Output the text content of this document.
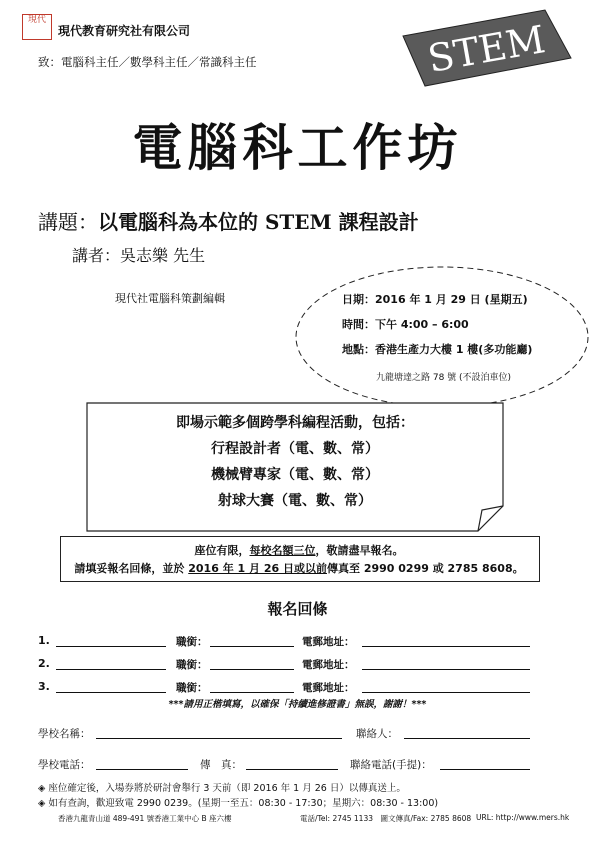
現代
現代教育研究社有限公司
致：電腦科主任／數學科主任／常識科主任	STEM
電腦科工作坊
講題：以電腦科為本位的 STEM 課程設計
講者：吳志樂 先生
現代社電腦科策劃編輯	日期：2016 年 1 月 29 日 (星期五)
時間：下午 4:00 – 6:00
地點：香港生產力大樓 1 樓(多功能廳)
九龍塘達之路 78 號 (不設泊車位)
即場示範多個跨學科編程活動，包括：
行程設計者（電、數、常）
機械臂專家（電、數、常）
射球大賽（電、數、常）
座位有限，每校名額三位，敬請盡早報名。
請填妥報名回條，並於 2016 年 1 月 26 日或以前傳真至 2990 0299 或 2785 8608。
報名回條
1.	職銜：	電郵地址：
2.	職銜：	電郵地址：
3.	職銜：	電郵地址：
***請用正楷填寫，以確保「持續進修證書」無誤，謝謝！***
學校名稱：	聯絡人：
學校電話：	傳　真：	聯絡電話(手提)：
◈ 座位確定後，入場券將於研討會舉行 3 天前（即 2016 年 1 月 26 日）以傳真送上。
◈ 如有查詢，歡迎致電 2990 0239。(星期一至五：08:30 - 17:30；星期六：08:30 - 13:00)
香港九龍青山道 489-491 號香港工業中心 B 座六樓	電話/Tel: 2745 1133　圖文傳真/Fax: 2785 8608 URL: http://www.mers.hk
